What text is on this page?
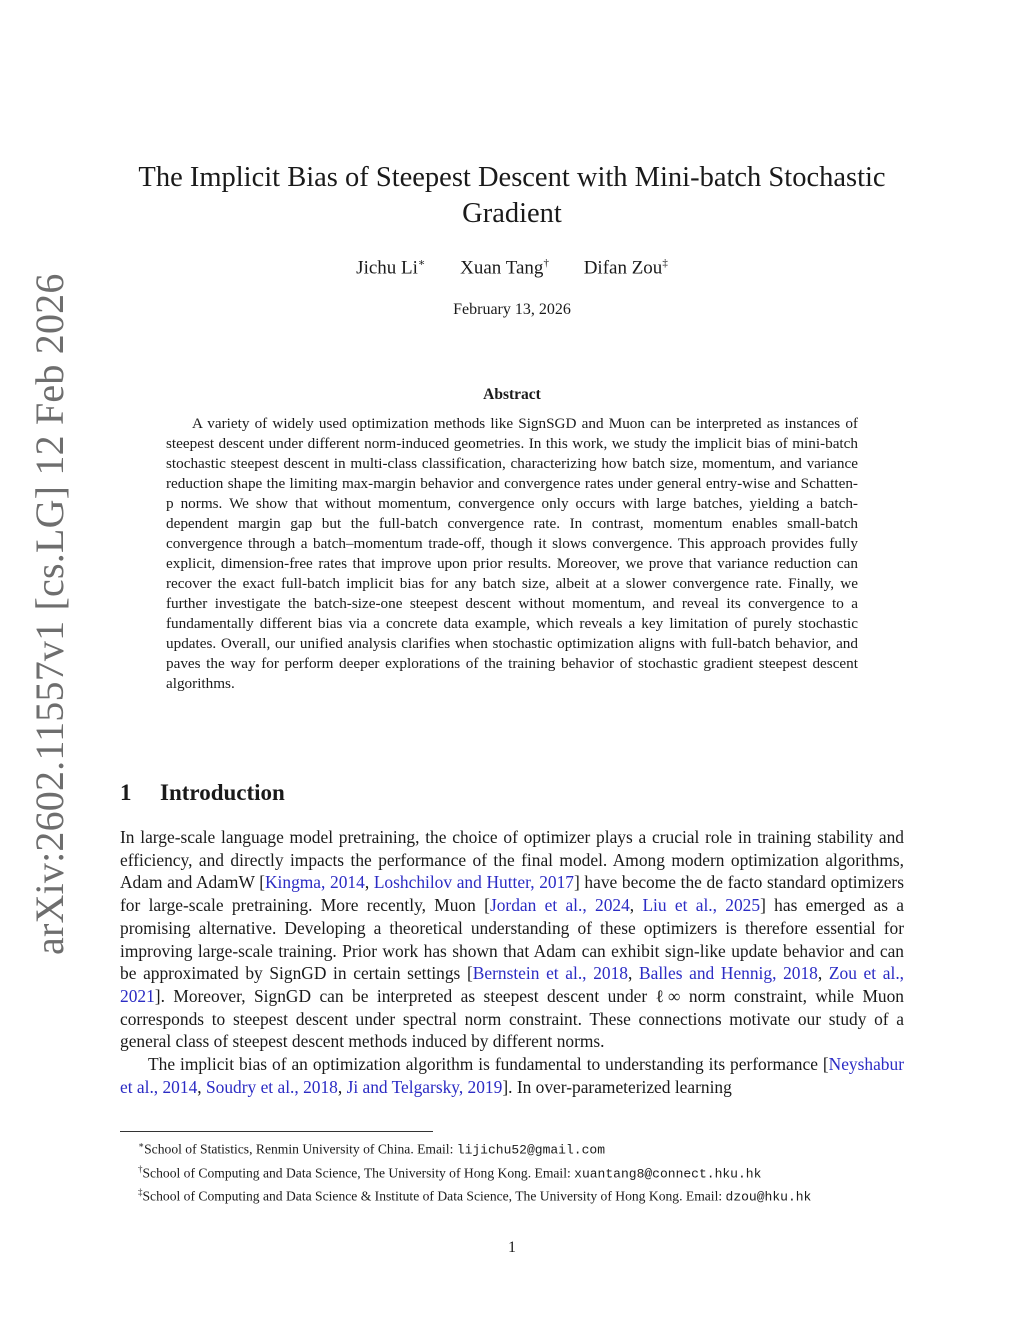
arXiv:2602.11557v1 [cs.LG] 12 Feb 2026
The Implicit Bias of Steepest Descent with Mini-batch Stochastic Gradient
Jichu Li∗ Xuan Tang† Difan Zou‡
February 13, 2026
Abstract
A variety of widely used optimization methods like SignSGD and Muon can be interpreted as instances of steepest descent under different norm-induced geometries. In this work, we study the implicit bias of mini-batch stochastic steepest descent in multi-class classification, characterizing how batch size, momentum, and variance reduction shape the limiting max-margin behavior and convergence rates under general entry-wise and Schatten-p norms. We show that without momentum, convergence only occurs with large batches, yielding a batch-dependent margin gap but the full-batch convergence rate. In contrast, momentum enables small-batch convergence through a batch–momentum trade-off, though it slows convergence. This approach provides fully explicit, dimension-free rates that improve upon prior results. Moreover, we prove that variance reduction can recover the exact full-batch implicit bias for any batch size, albeit at a slower convergence rate. Finally, we further investigate the batch-size-one steepest descent without momentum, and reveal its convergence to a fundamentally different bias via a concrete data example, which reveals a key limitation of purely stochastic updates. Overall, our unified analysis clarifies when stochastic optimization aligns with full-batch behavior, and paves the way for perform deeper explorations of the training behavior of stochastic gradient steepest descent algorithms.
1 Introduction

In large-scale language model pretraining, the choice of optimizer plays a crucial role in training stability and efficiency, and directly impacts the performance of the final model. Among modern optimization algorithms, Adam and AdamW [Kingma, 2014, Loshchilov and Hutter, 2017] have become the de facto standard optimizers for large-scale pretraining. More recently, Muon [Jordan et al., 2024, Liu et al., 2025] has emerged as a promising alternative. Developing a theoretical understanding of these optimizers is therefore essential for improving large-scale training. Prior work has shown that Adam can exhibit sign-like update behavior and can be approximated by SignGD in certain settings [Bernstein et al., 2018, Balles and Hennig, 2018, Zou et al., 2021]. Moreover, SignGD can be interpreted as steepest descent under ℓ∞ norm constraint, while Muon corresponds to steepest descent under spectral norm constraint. These connections motivate our study of a general class of steepest descent methods induced by different norms.

The implicit bias of an optimization algorithm is fundamental to understanding its performance [Neyshabur et al., 2014, Soudry et al., 2018, Ji and Telgarsky, 2019]. In over-parameterized learning

∗School of Statistics, Renmin University of China. Email: lijichu52@gmail.com

†School of Computing and Data Science, The University of Hong Kong. Email: xuantang8@connect.hku.hk

‡School of Computing and Data Science & Institute of Data Science, The University of Hong Kong. Email: dzou@hku.hk

1
